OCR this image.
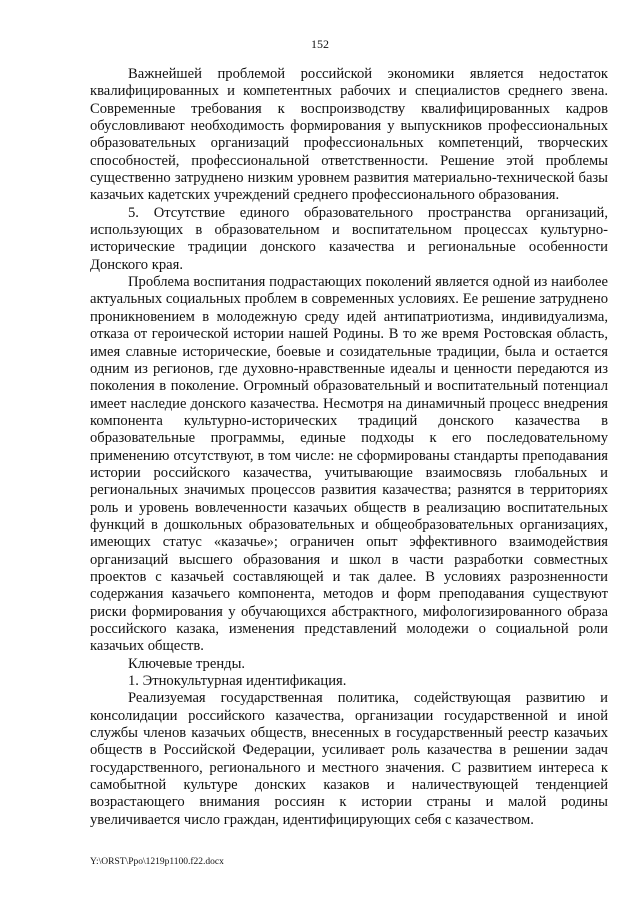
152

Важнейшей проблемой российской экономики является недостаток квалифицированных и компетентных рабочих и специалистов среднего звена. Современные требования к воспроизводству квалифицированных кадров обусловливают необходимость формирования у выпускников профессиональных образовательных организаций профессиональных компетенций, творческих способностей, профессиональной ответственности. Решение этой проблемы существенно затруднено низким уровнем развития материально-технической базы казачьих кадетских учреждений среднего профессионального образования.

5. Отсутствие единого образовательного пространства организаций, использующих в образовательном и воспитательном процессах культурно-исторические традиции донского казачества и региональные особенности Донского края.

Проблема воспитания подрастающих поколений является одной из наиболее актуальных социальных проблем в современных условиях. Ее решение затруднено проникновением в молодежную среду идей антипатриотизма, индивидуализма, отказа от героической истории нашей Родины. В то же время Ростовская область, имея славные исторические, боевые и созидательные традиции, была и остается одним из регионов, где духовно-нравственные идеалы и ценности передаются из поколения в поколение. Огромный образовательный и воспитательный потенциал имеет наследие донского казачества. Несмотря на динамичный процесс внедрения компонента культурно-исторических традиций донского казачества в образовательные программы, единые подходы к его последовательному применению отсутствуют, в том числе: не сформированы стандарты преподавания истории российского казачества, учитывающие взаимосвязь глобальных и региональных значимых процессов развития казачества; разнятся в территориях роль и уровень вовлеченности казачьих обществ в реализацию воспитательных функций в дошкольных образовательных и общеобразовательных организациях, имеющих статус «казачье»; ограничен опыт эффективного взаимодействия организаций высшего образования и школ в части разработки совместных проектов с казачьей составляющей и так далее. В условиях разрозненности содержания казачьего компонента, методов и форм преподавания существуют риски формирования у обучающихся абстрактного, мифологизированного образа российского казака, изменения представлений молодежи о социальной роли казачьих обществ.

Ключевые тренды.

1. Этнокультурная идентификация.

Реализуемая государственная политика, содействующая развитию и консолидации российского казачества, организации государственной и иной службы членов казачьих обществ, внесенных в государственный реестр казачьих обществ в Российской Федерации, усиливает роль казачества в решении задач государственного, регионального и местного значения. С развитием интереса к самобытной культуре донских казаков и наличествующей тенденцией возрастающего внимания россиян к истории страны и малой родины увеличивается число граждан, идентифицирующих себя с казачеством.

Y:\ORST\Ppo\1219p1100.f22.docx
